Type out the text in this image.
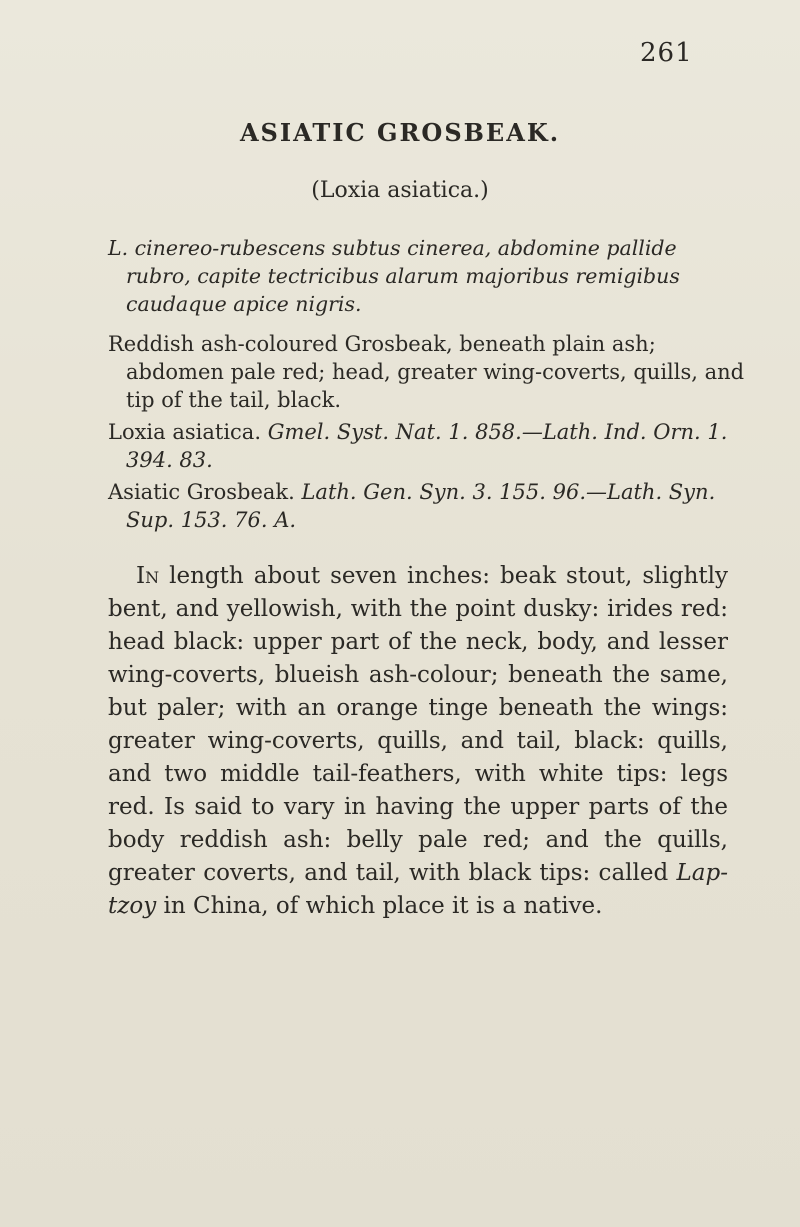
261
ASIATIC GROSBEAK.
(Loxia asiatica.)
L. cinereo-rubescens subtus cinerea, abdomine pallide rubro, capite tectricibus alarum majoribus remigibus caudaque apice nigris.
Reddish ash-coloured Grosbeak, beneath plain ash; abdomen pale red; head, greater wing-coverts, quills, and tip of the tail, black.
Loxia asiatica. Gmel. Syst. Nat. 1. 858.—Lath. Ind. Orn. 1. 394. 83.
Asiatic Grosbeak. Lath. Gen. Syn. 3. 155. 96.—Lath. Syn. Sup. 153. 76. A.
In length about seven inches: beak stout, slightly bent, and yellowish, with the point dusky: irides red: head black: upper part of the neck, body, and lesser wing-coverts, blueish ash-colour; beneath the same, but paler; with an orange tinge beneath the wings: greater wing-coverts, quills, and tail, black: quills, and two middle tail-feathers, with white tips: legs red. Is said to vary in having the upper parts of the body reddish ash: belly pale red; and the quills, greater coverts, and tail, with black tips: called Lap-tzoy in China, of which place it is a native.
